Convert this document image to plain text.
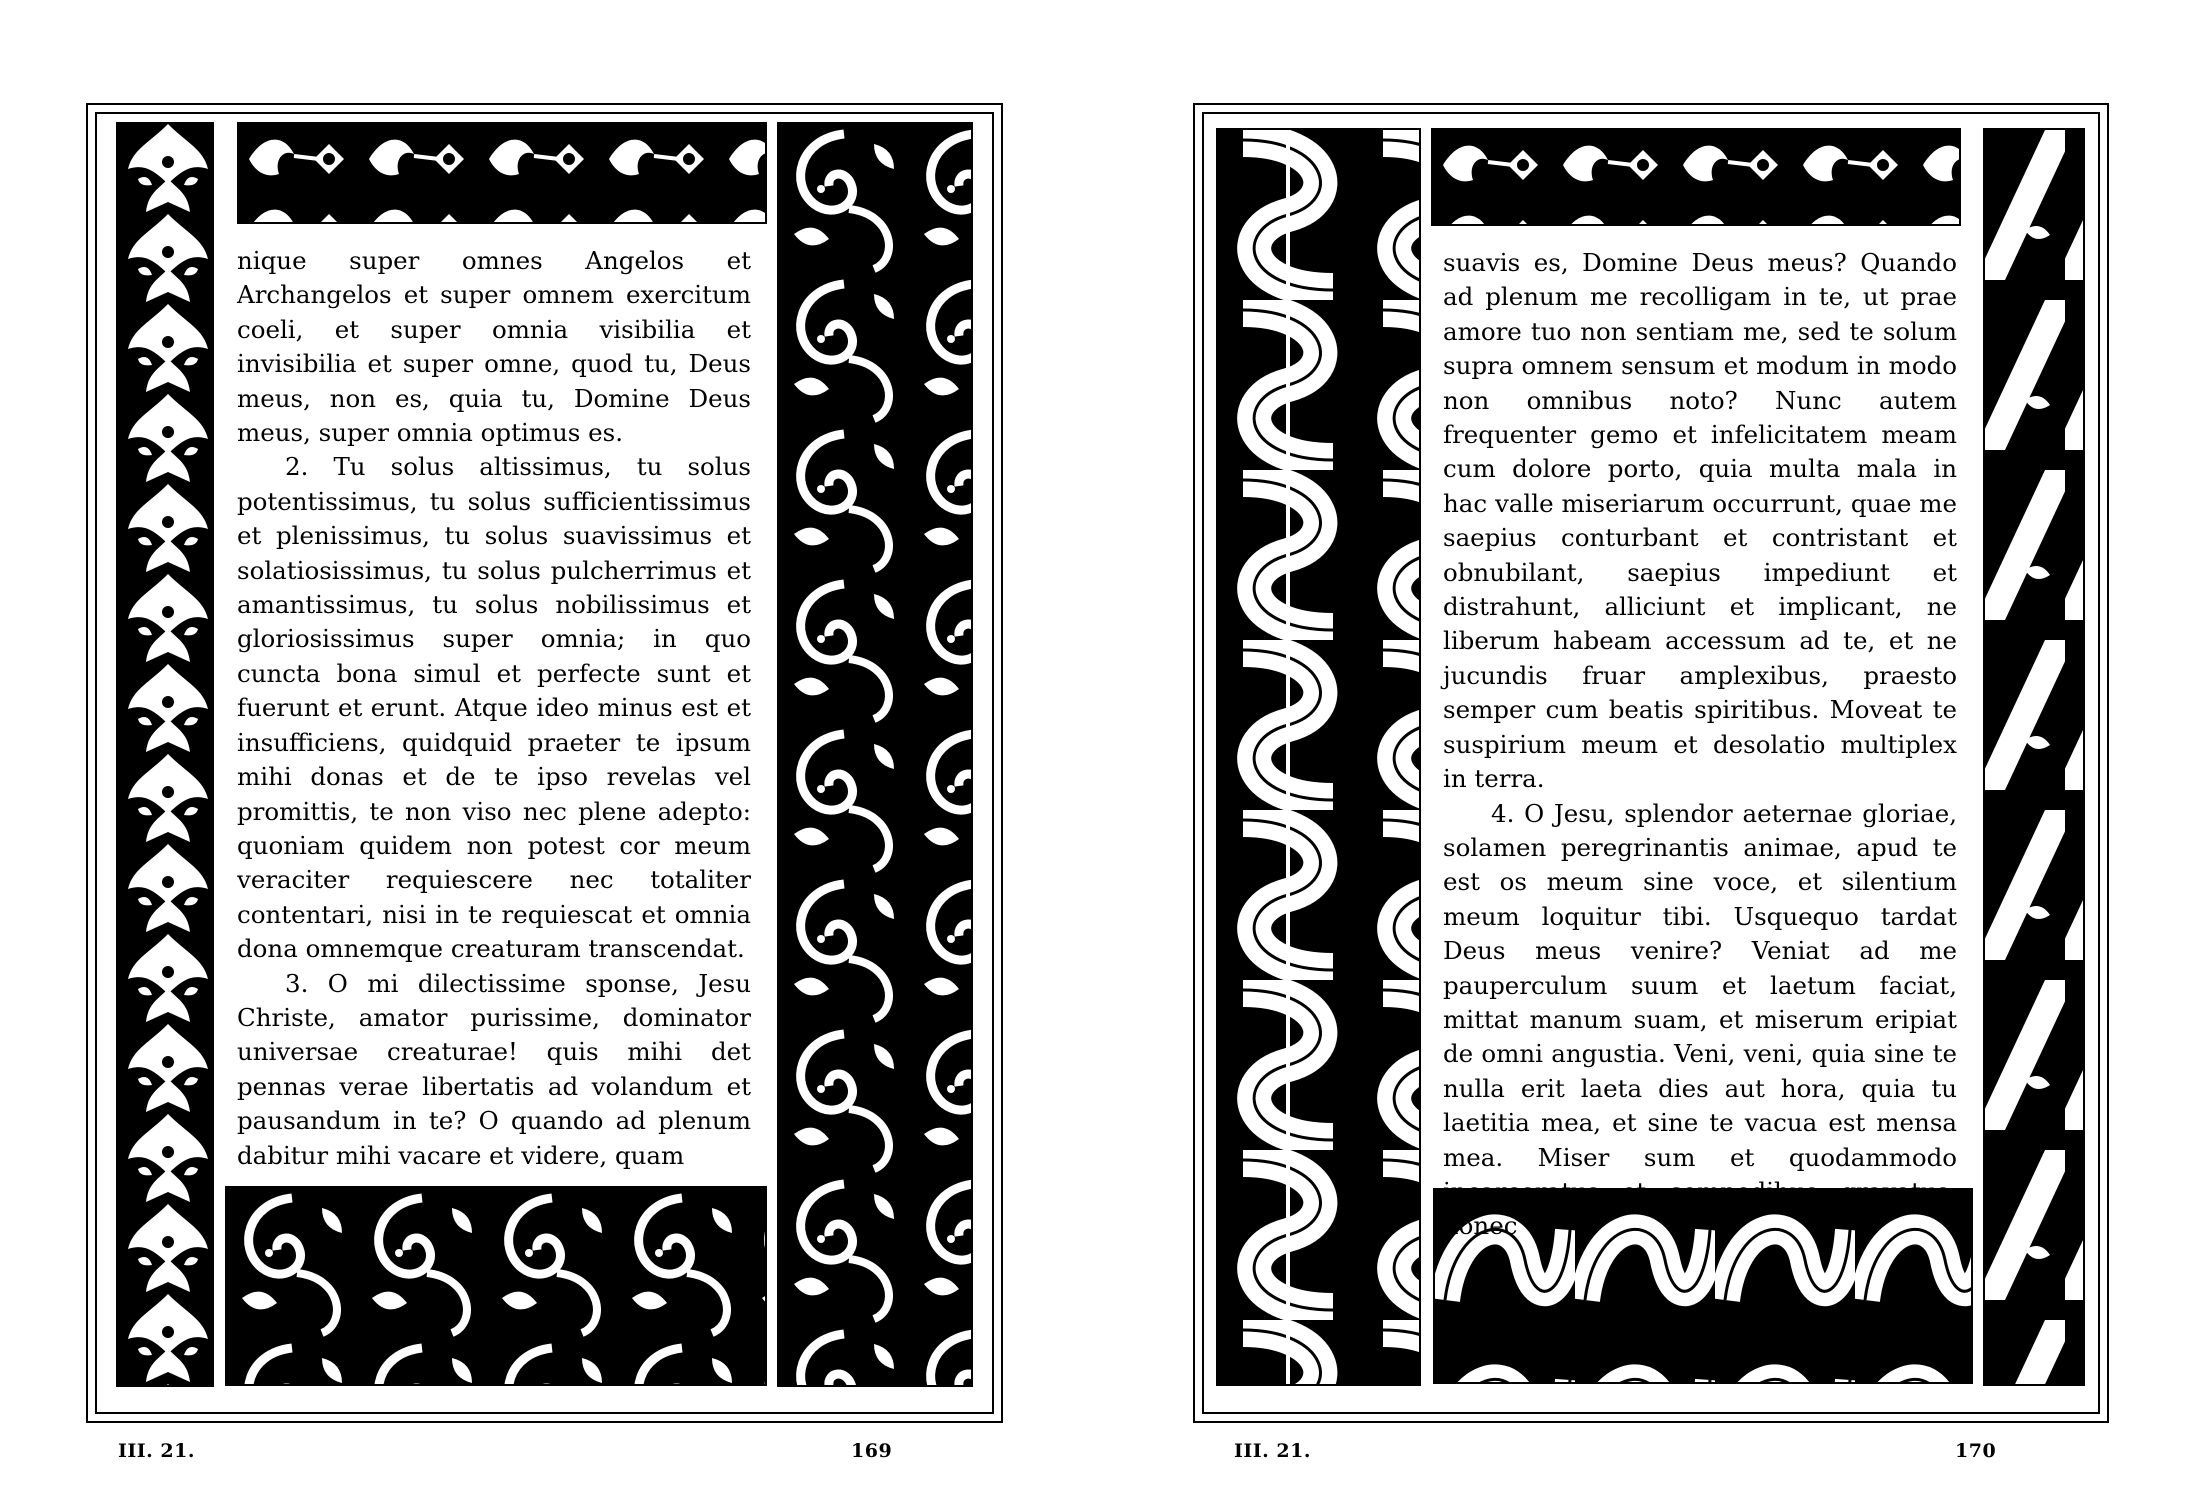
nique super omnes Angelos et Archangelos et super omnem exercitum coeli, et super omnia visibilia et invisibilia et super omne, quod tu, Deus meus, non es, quia tu, Domine Deus meus, super omnia optimus es.

2. Tu solus altissimus, tu solus potentissimus, tu solus sufficientissimus et plenissimus, tu solus suavissimus et solatiosissimus, tu solus pulcherrimus et amantissimus, tu solus nobilissimus et gloriosissimus super omnia; in quo cuncta bona simul et perfecte sunt et fuerunt et erunt. Atque ideo minus est et insufficiens, quidquid praeter te ipsum mihi donas et de te ipso revelas vel promittis, te non viso nec plene adepto: quoniam quidem non potest cor meum veraciter requiescere nec totaliter contentari, nisi in te requiescat et omnia dona omnemque creaturam transcendat.

3. O mi dilectissime sponse, Jesu Christe, amator purissime, dominator universae creaturae! quis mihi det pennas verae libertatis ad volandum et pausandum in te? O quando ad plenum dabitur mihi vacare et videre, quam

III. 21.	169

suavis es, Domine Deus meus? Quando ad plenum me recolligam in te, ut prae amore tuo non sentiam me, sed te solum supra omnem sensum et modum in modo non omnibus noto? Nunc autem frequenter gemo et infelicitatem meam cum dolore porto, quia multa mala in hac valle miseriarum occurrunt, quae me saepius conturbant et contristant et obnubilant, saepius impediunt et distrahunt, alliciunt et implicant, ne liberum habeam accessum ad te, et ne jucundis fruar amplexibus, praesto semper cum beatis spiritibus. Moveat te suspirium meum et desolatio multiplex in terra.

4. O Jesu, splendor aeternae gloriae, solamen peregrinantis animae, apud te est os meum sine voce, et silentium meum loquitur tibi. Usquequo tardat Deus meus venire? Veniat ad me pauperculum suum et laetum faciat, mittat manum suam, et miserum eripiat de omni angustia. Veni, veni, quia sine te nulla erit laeta dies aut hora, quia tu laetitia mea, et sine te vacua est mensa mea. Miser sum et quodammodo incarceratus et compedibus gravatus, donec

III. 21.	170
